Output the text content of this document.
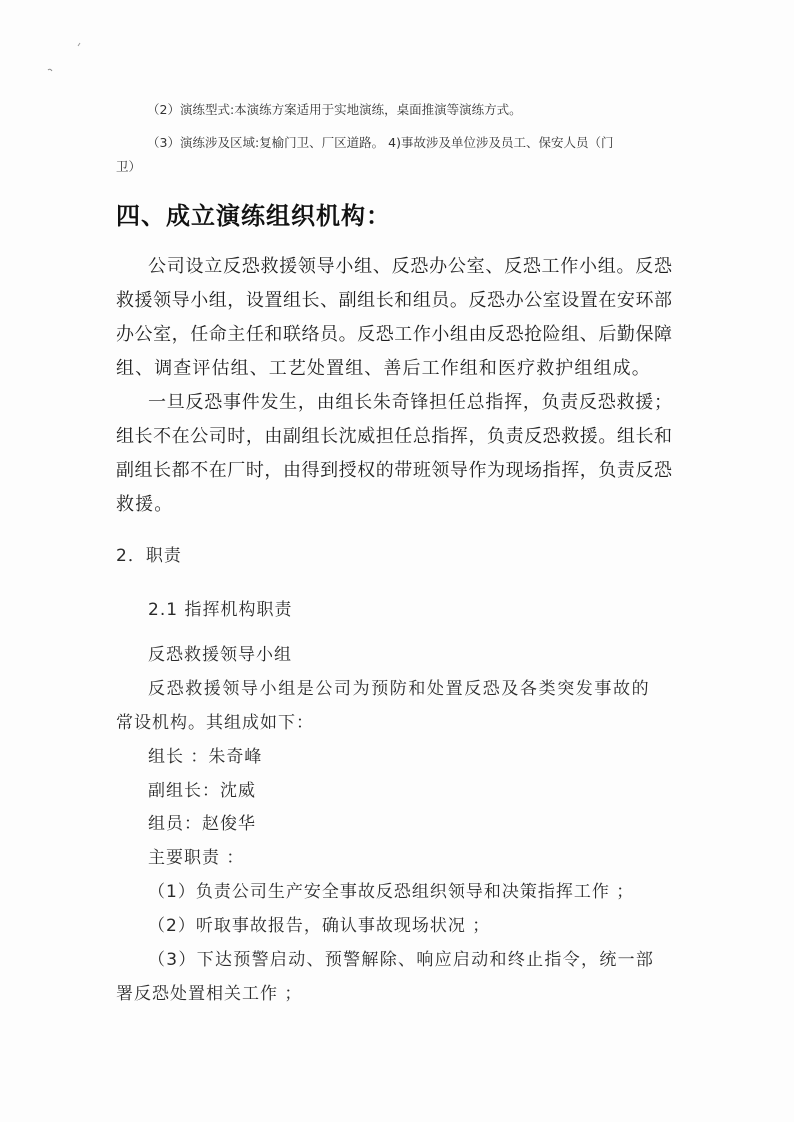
（2）演练型式:本演练方案适用于实地演练，桌面推演等演练方式。

（3）演练涉及区域:复榆门卫、厂区道路。 4)事故涉及单位涉及员工、保安人员（门

卫）

四、成立演练组织机构：

公司设立反恐救援领导小组、反恐办公室、反恐工作小组。反恐

救援领导小组，设置组长、副组长和组员。反恐办公室设置在安环部

办公室，任命主任和联络员。反恐工作小组由反恐抢险组、后勤保障

组、调查评估组、工艺处置组、善后工作组和医疗救护组组成。

一旦反恐事件发生，由组长朱奇锋担任总指挥，负责反恐救援；

组长不在公司时，由副组长沈威担任总指挥，负责反恐救援。组长和

副组长都不在厂时，由得到授权的带班领导作为现场指挥，负责反恐

救援。

2．职责

2.1 指挥机构职责

反恐救援领导小组

反恐救援领导小组是公司为预防和处置反恐及各类突发事故的

常设机构。其组成如下：

组长 ：朱奇峰

副组长：沈威

组员：赵俊华

主要职责 ：

（1）负责公司生产安全事故反恐组织领导和决策指挥工作 ；

（2）听取事故报告，确认事故现场状况 ；

（3）下达预警启动、预警解除、响应启动和终止指令，统一部

署反恐处置相关工作 ；
